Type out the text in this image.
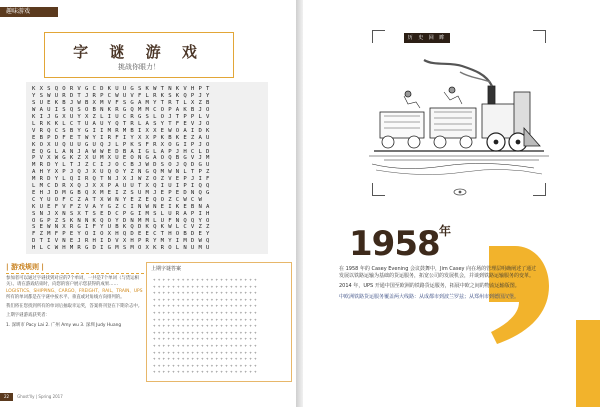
趣味游戏
字 谜 游 戏
挑战你眼力！
KXSQORVGCDKUUGSKWTNKVHPT
YSWURDTJRPCWUVFLRKSKQPJY
SUEKBJWBXMVFSGAMYTRTLXZB
WAUISQSOBNKRGQMMCOPAKBJO
KIJGXUYXZLIUCRGSLOJTPPLV
LRKKLCTUAUYQTRLASYTFEVJO
VRQCSBYGIIMRMBIXXEWOAIDK
EBPDFETWYIRFIYXXPKBKEZAU
KOXUQUUGUQJLPKSFRXOGIPJO
EQGLANJAWWEDBAIGLAPJHCLD
PVXWGKZXUMXUEONGAOQBGVJM
MRDYLTJZCIJOCBJWDSOJQDGU
AHYXPJQJXUQOYZNGQMWNLTPZ
MRDYLQIRQTNJXJWZOZVEPJIF
LMCDRXQJXXPAUUTXQIUIPIQQ
EHJDMGBQXMEIZSUMJEPEDNQG
CYUOFCZATXWNYEZEQOZCWCW
KUEFVFZVAYGZCINWNEIKEBNA
SNJXNSXTSEDCPGIMSLURAPIH
OGPZSKNNKQOYDNMMLUFNQQYO
SEWNXRGIFYUBKQDKQKWLCVZZ
FZMFPEYOIOXHQDEECTHOBDEY
DTIVNEJRHIDVXHPRYMYIMDWQ
HLCWHMRGDIGMSMOXKROLNUMU
| 游戏规则 |
参加者可以通过字谜找到对应的7个单词，一共是7个单词（与货运相关）。请在游戏结束时，向您的客户展示您获得的成果…… LOGISTICS、SHIPPING、CARGO、FREIGHT、RAIL、TRAIN、UPS 所有的单词都是在字谜中按水平、垂直或对角线方向排列的。
我们将在您找到所有的单词后抽取幸运奖，答案将刊登在下期杂志中。
上期字谜游戏获奖者：
1. 深圳市 Pacy Lai 2. 广州 Amy wu 3. 深圳 Judy Huang
上期字谜答案
+ + + + + + + + + + + + + + + + + + + + + +
+ + + + + + + + + + + + + + + + + + + + + +
+ + + + + + + + + + + + + + + + + + + + + +
+ + + + + + + + + + + + + + + + + + + + + +
+ + + + + + + + + + + + + + + + + + + + + +
+ + + + + + + + + + + + + + + + + + + + + +
+ + + + + + + + + + + + + + + + + + + + + +
+ + + + + + + + + + + + + + + + + + + + + +
+ + + + + + + + + + + + + + + + + + + + + +
+ + + + + + + + + + + + + + + + + + + + + +
+ + + + + + + + + + + + + + + + + + + + + +
+ + + + + + + + + + + + + + + + + + + + + +
+ + + + + + + + + + + + + + + + + + + + + +
+ + + + + + + + + + + + + + + + + + + + + +
+ + + + + + + + + + + + + + + + + + + + + +
22 Ghost'lly | Spring 2017
历 史 回 眸
1958 年

在 1958 年的 Casey Evening 会议鼓舞中，Jim Casey 向在场的管理层明确阐述了通过发展以铁路运输为基础的货运服务，拓宽公司的发展机会，并谈到铁路运输服务的变革。

2014 年，UPS 开通中国至欧洲的铁路货运服务，拓展中欧之间的物流运输版图。

中欧洲铁路货运服务覆盖两大线路：从成都市到波兰罗兹；从郑州市到德国汉堡。
